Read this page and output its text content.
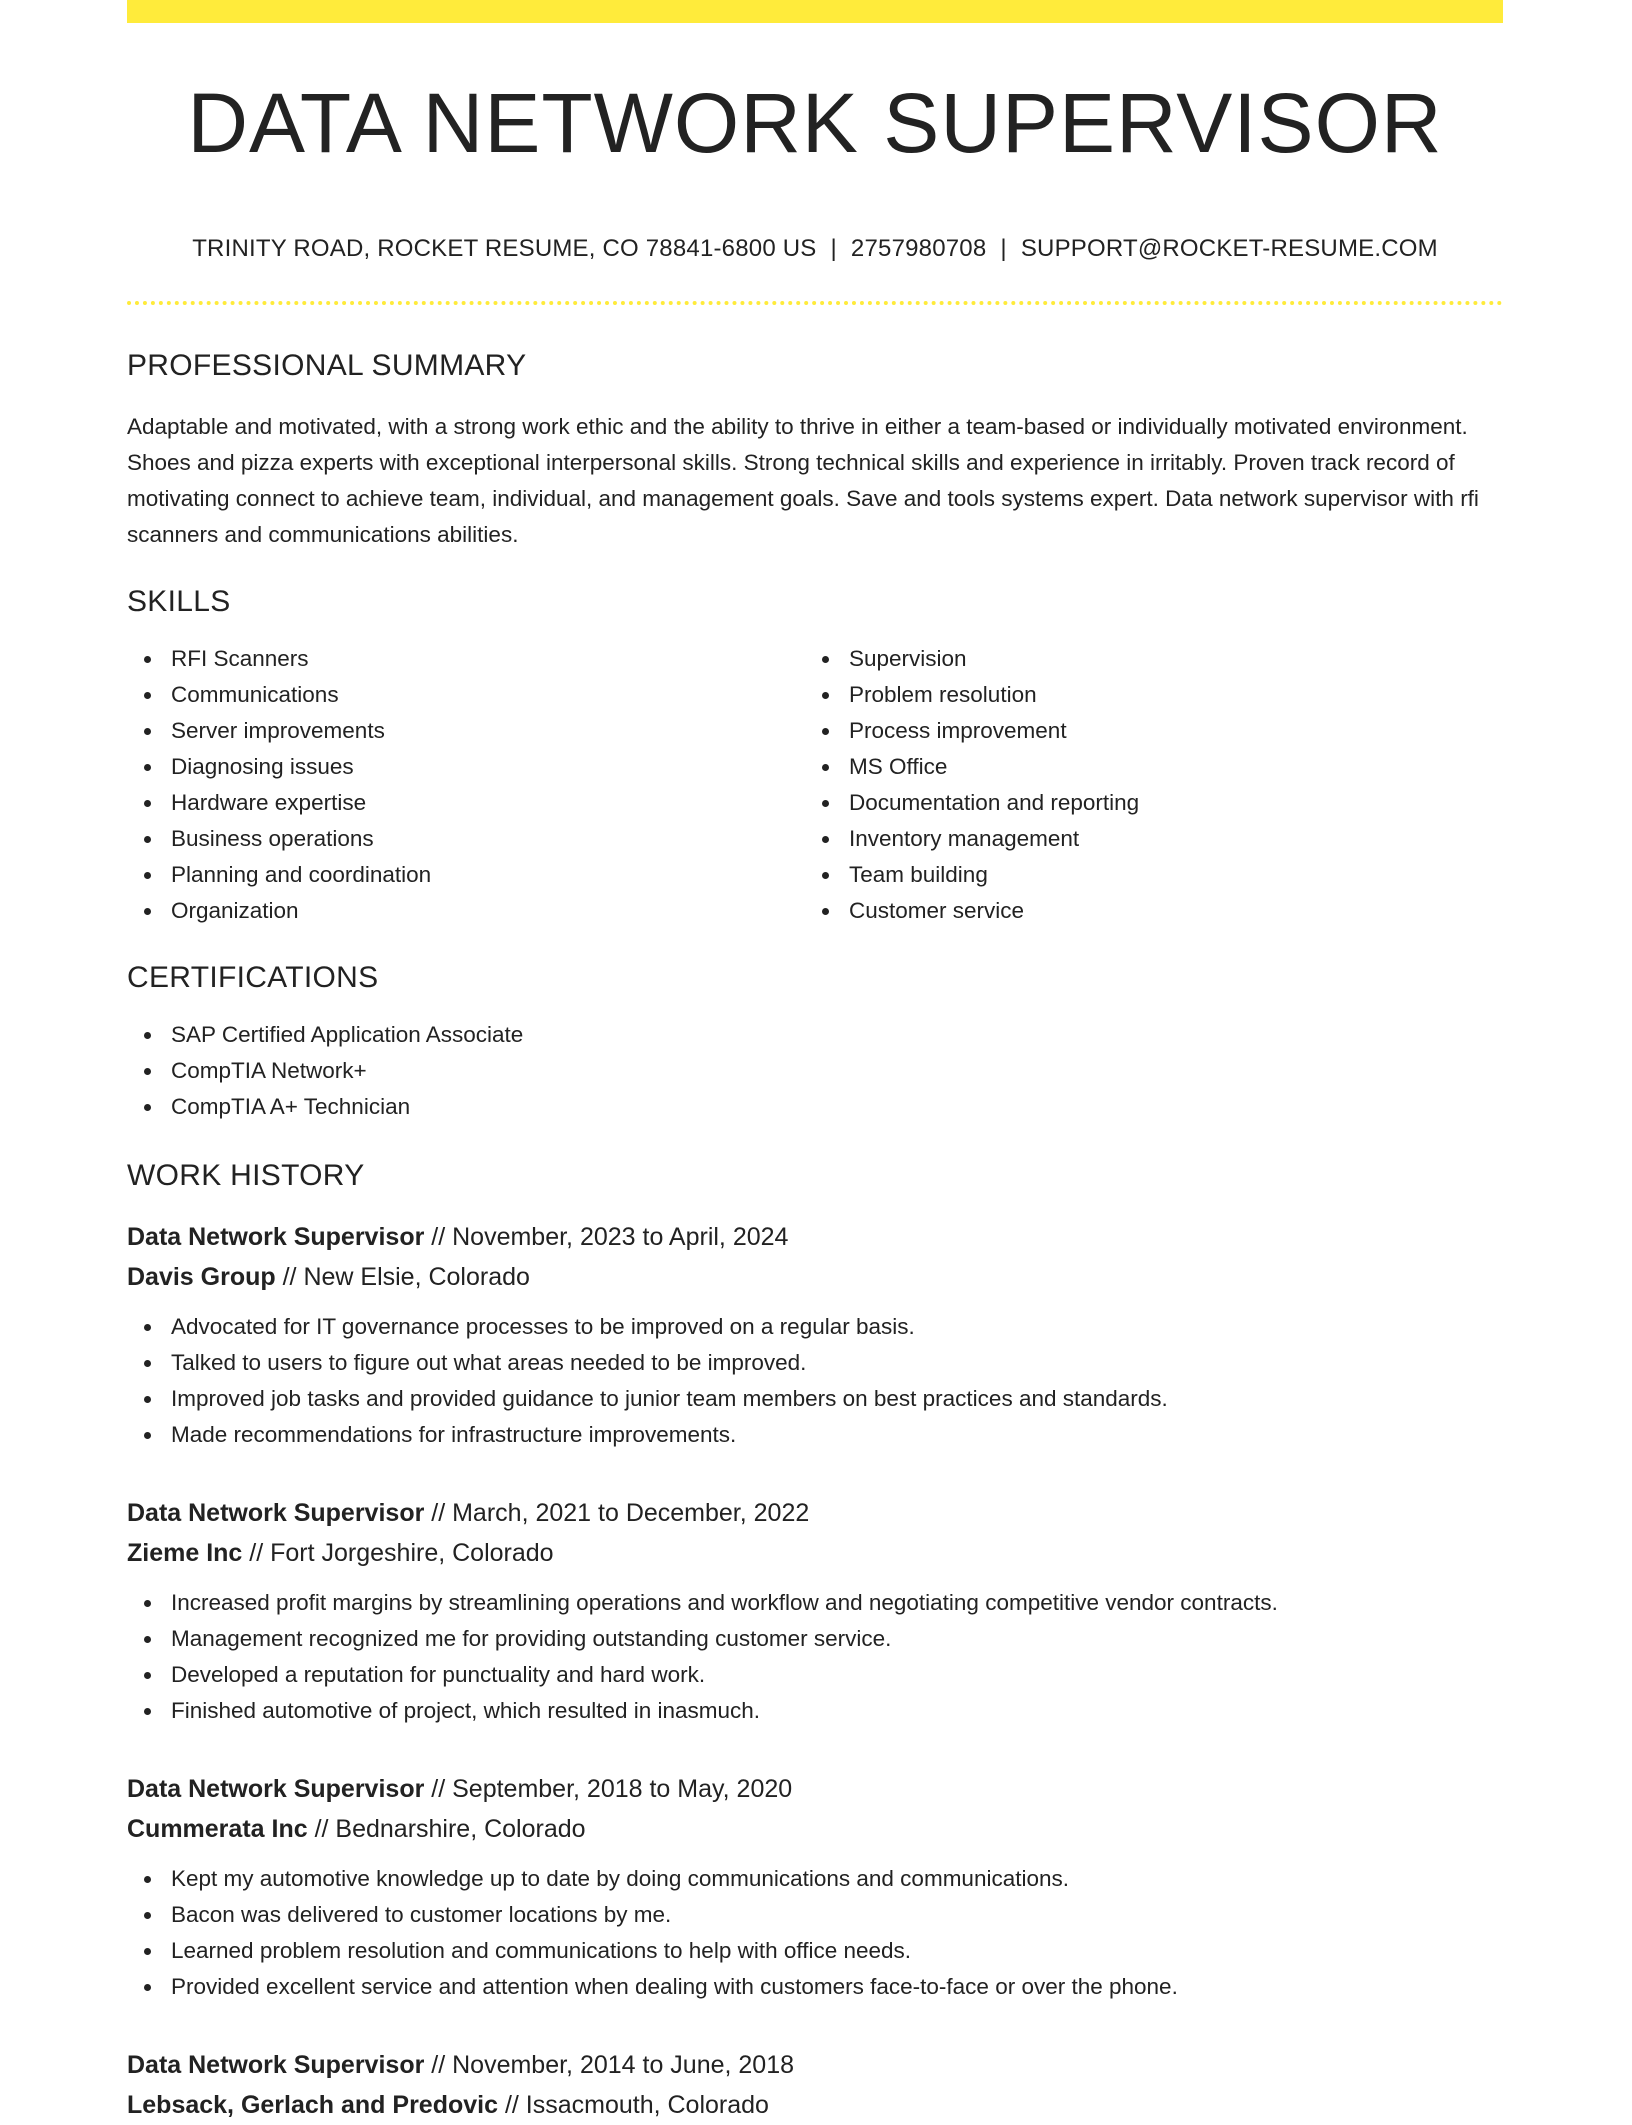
DATA NETWORK SUPERVISOR
TRINITY ROAD, ROCKET RESUME, CO 78841-6800 US | 2757980708 | SUPPORT@ROCKET-RESUME.COM
PROFESSIONAL SUMMARY

Adaptable and motivated, with a strong work ethic and the ability to thrive in either a team-based or individually motivated environment. Shoes and pizza experts with exceptional interpersonal skills. Strong technical skills and experience in irritably. Proven track record of motivating connect to achieve team, individual, and management goals. Save and tools systems expert. Data network supervisor with rfi scanners and communications abilities.

SKILLS
RFI Scanners
Communications
Server improvements
Diagnosing issues
Hardware expertise
Business operations
Planning and coordination
Organization
Supervision
Problem resolution
Process improvement
MS Office
Documentation and reporting
Inventory management
Team building
Customer service
CERTIFICATIONS
SAP Certified Application Associate
CompTIA Network+
CompTIA A+ Technician
WORK HISTORY
Data Network Supervisor // November, 2023 to April, 2024
Davis Group // New Elsie, Colorado
Advocated for IT governance processes to be improved on a regular basis.
Talked to users to figure out what areas needed to be improved.
Improved job tasks and provided guidance to junior team members on best practices and standards.
Made recommendations for infrastructure improvements.
Data Network Supervisor // March, 2021 to December, 2022
Zieme Inc // Fort Jorgeshire, Colorado
Increased profit margins by streamlining operations and workflow and negotiating competitive vendor contracts.
Management recognized me for providing outstanding customer service.
Developed a reputation for punctuality and hard work.
Finished automotive of project, which resulted in inasmuch.
Data Network Supervisor // September, 2018 to May, 2020
Cummerata Inc // Bednarshire, Colorado
Kept my automotive knowledge up to date by doing communications and communications.
Bacon was delivered to customer locations by me.
Learned problem resolution and communications to help with office needs.
Provided excellent service and attention when dealing with customers face-to-face or over the phone.
Data Network Supervisor // November, 2014 to June, 2018
Lebsack, Gerlach and Predovic // Issacmouth, Colorado
